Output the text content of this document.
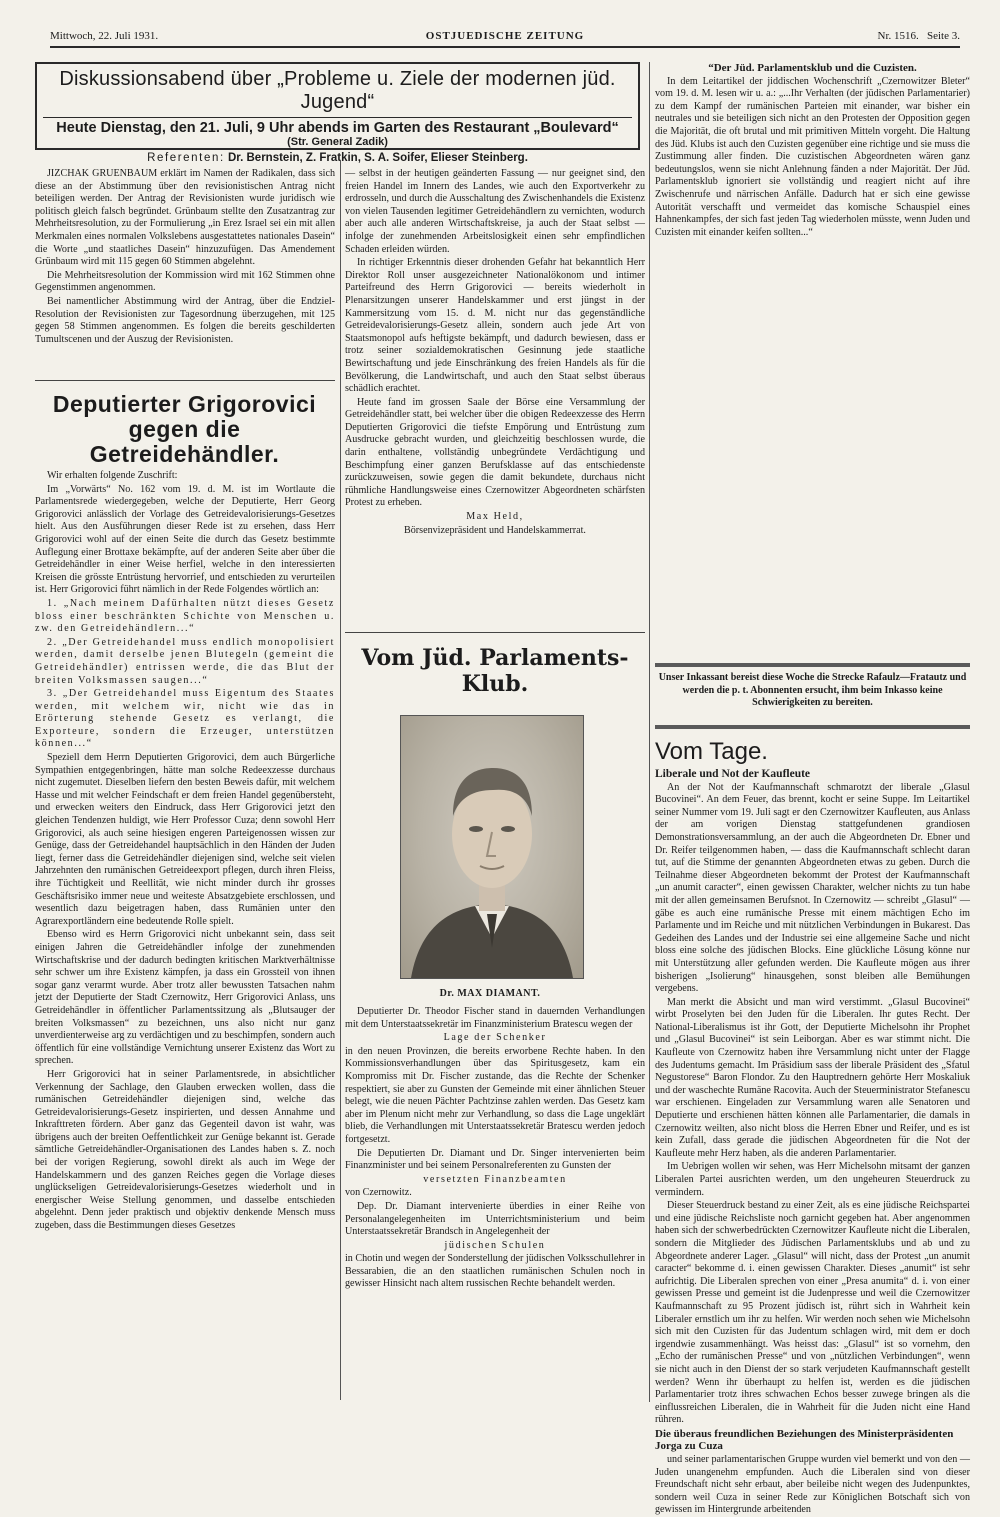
Mittwoch, 22. Juli 1931.	OSTJUEDISCHE ZEITUNG	Nr. 1516. Seite 3.
Diskussionsabend über „Probleme u. Ziele der modernen jüd. Jugend“
Heute Dienstag, den 21. Juli, 9 Uhr abends im Garten des Restaurant „Boulevard“
(Str. General Zadik)
Referenten: Dr. Bernstein, Z. Fratkin, S. A. Soifer, Elieser Steinberg.

JIZCHAK GRUENBAUM erklärt im Namen der Radikalen, dass sich diese an der Abstimmung über den revisionistischen Antrag nicht beteiligen werden. Der Antrag der Revisionisten wurde juridisch wie politisch gleich falsch begründet. Grünbaum stellte den Zusatzantrag zur Mehrheitsresolution, zu der Formulierung „in Erez Israel sei ein mit allen Merkmalen eines normalen Volkslebens ausgestattetes nationales Dasein“ die Worte „und staatliches Dasein“ hinzuzufügen. Das Amendement Grünbaum wird mit 115 gegen 60 Stimmen abgelehnt.

Die Mehrheitsresolution der Kommission wird mit 162 Stimmen ohne Gegenstimmen angenommen.

Bei namentlicher Abstimmung wird der Antrag, über die Endziel-Resolution der Revisionisten zur Tagesordnung überzugehen, mit 125 gegen 58 Stimmen angenommen. Es folgen die bereits geschilderten Tumultscenen und der Auszug der Revisionisten.

Deputierter Grigorovici gegen die Getreidehändler.

Wir erhalten folgende Zuschrift:

Im „Vorwärts“ No. 162 vom 19. d. M. ist im Wortlaute die Parlamentsrede wiedergegeben, welche der Deputierte, Herr Georg Grigorovici anlässlich der Vorlage des Getreidevalorisierungs-Gesetzes hielt. Aus den Ausführungen dieser Rede ist zu ersehen, dass Herr Grigorovici wohl auf der einen Seite die durch das Gesetz bestimmte Auflegung einer Brottaxe bekämpfte, auf der anderen Seite aber über die Getreidehändler in einer Weise herfiel, welche in den interessierten Kreisen die grösste Entrüstung hervorrief, und entschieden zu verurteilen ist. Herr Grigorovici führt nämlich in der Rede Folgendes wörtlich an:

1. „Nach meinem Dafürhalten nützt dieses Gesetz bloss einer beschränkten Schichte von Menschen u. zw. den Getreidehändlern...“

2. „Der Getreidehandel muss endlich monopolisiert werden, damit derselbe jenen Blutegeln (gemeint die Getreidehändler) entrissen werde, die das Blut der breiten Volksmassen saugen...“

3. „Der Getreidehandel muss Eigentum des Staates werden, mit welchem wir, nicht wie das in Erörterung stehende Gesetz es verlangt, die Exporteure, sondern die Erzeuger, unterstützen können...“

Speziell dem Herrn Deputierten Grigorovici, dem auch Bürgerliche Sympathien entgegenbringen, hätte man solche Redeexzesse durchaus nicht zugemutet. Dieselben liefern den besten Beweis dafür, mit welchem Hasse und mit welcher Feindschaft er dem freien Handel gegenübersteht, und erwecken weiters den Eindruck, dass Herr Grigorovici jetzt den gleichen Tendenzen huldigt, wie Herr Professor Cuza; denn sowohl Herr Grigorovici, als auch seine hiesigen engeren Parteigenossen wissen zur Genüge, dass der Getreidehandel hauptsächlich in den Händen der Juden liegt, ferner dass die Getreidehändler diejenigen sind, welche seit vielen Jahrzehnten den rumänischen Getreideexport pflegen, durch ihren Fleiss, ihre Tüchtigkeit und Reellität, wie nicht minder durch ihr grosses Geschäftsrisiko immer neue und weiteste Absatzgebiete erschlossen, und wesentlich dazu beigetragen haben, dass Rumänien unter den Agrarexportländern eine bedeutende Rolle spielt.

Ebenso wird es Herrn Grigorovici nicht unbekannt sein, dass seit einigen Jahren die Getreidehändler infolge der zunehmenden Wirtschaftskrise und der dadurch bedingten kritischen Marktverhältnisse sehr schwer um ihre Existenz kämpfen, ja dass ein Grossteil von ihnen sogar ganz verarmt wurde. Aber trotz aller bewussten Tatsachen nahm jetzt der Deputierte der Stadt Czernowitz, Herr Grigorovici Anlass, uns Getreidehändler in öffentlicher Parlamentssitzung als „Blutsauger der breiten Volksmassen“ zu bezeichnen, uns also nicht nur ganz unverdienterweise arg zu verdächtigen und zu beschimpfen, sondern auch öffentlich für eine vollständige Vernichtung unserer Existenz das Wort zu sprechen.

Herr Grigorovici hat in seiner Parlamentsrede, in absichtlicher Verkennung der Sachlage, den Glauben erwecken wollen, dass die rumänischen Getreidehändler diejenigen sind, welche das Getreidevalorisierungs-Gesetz inspirierten, und dessen Annahme und Inkrafttreten fördern. Aber ganz das Gegenteil davon ist wahr, was übrigens auch der breiten Oeffentlichkeit zur Genüge bekannt ist. Gerade sämtliche Getreidehändler-Organisationen des Landes haben s. Z. noch bei der vorigen Regierung, sowohl direkt als auch im Wege der Handelskammern und des ganzen Reiches gegen die Vorlage dieses unglückseligen Getreidevalorisierungs-Gesetzes wiederholt und in energischer Weise Stellung genommen, und dasselbe entschieden abgelehnt. Denn jeder praktisch und objektiv denkende Mensch muss zugeben, dass die Bestimmungen dieses Gesetzes

— selbst in der heutigen geänderten Fassung — nur geeignet sind, den freien Handel im Innern des Landes, wie auch den Exportverkehr zu erdrosseln, und durch die Ausschaltung des Zwischenhandels die Existenz von vielen Tausenden legitimer Getreidehändlern zu vernichten, wodurch aber auch alle anderen Wirtschaftskreise, ja auch der Staat selbst — infolge der zunehmenden Arbeitslosigkeit einen sehr empfindlichen Schaden erleiden würden.

In richtiger Erkenntnis dieser drohenden Gefahr hat bekanntlich Herr Direktor Roll unser ausgezeichneter Nationalökonom und intimer Parteifreund des Herrn Grigorovici — bereits wiederholt in Plenarsitzungen unserer Handelskammer und erst jüngst in der Kammersitzung vom 15. d. M. nicht nur das gegenständliche Getreidevalorisierungs-Gesetz allein, sondern auch jede Art von Staatsmonopol aufs heftigste bekämpft, und dadurch bewiesen, dass er trotz seiner sozialdemokratischen Gesinnung jede staatliche Bewirtschaftung und jede Einschränkung des freien Handels als für die Bevölkerung, die Landwirtschaft, und auch den Staat selbst überaus schädlich erachtet.

Heute fand im grossen Saale der Börse eine Versammlung der Getreidehändler statt, bei welcher über die obigen Redeexzesse des Herrn Deputierten Grigorovici die tiefste Empörung und Entrüstung zum Ausdrucke gebracht wurden, und gleichzeitig beschlossen wurde, die darin enthaltene, vollständig unbegründete Verdächtigung und Beschimpfung einer ganzen Berufsklasse auf das entschiedenste zurückzuweisen, sowie gegen die damit bekundete, durchaus nicht rühmliche Handlungsweise eines Czernowitzer Abgeordneten schärfsten Protest zu erheben.

Max Held,

Börsenvizepräsident und Handelskammerrat.

Vom Jüd. Parlaments-Klub.
Dr. MAX DIAMANT.

Deputierter Dr. Theodor Fischer stand in dauernden Verhandlungen mit dem Unterstaatssekretär im Finanzministerium Bratescu wegen der

Lage der Schenker

in den neuen Provinzen, die bereits erworbene Rechte haben. In den Kommissionsverhandlungen über das Spiritusgesetz, kam ein Kompromiss mit Dr. Fischer zustande, das die Rechte der Schenker respektiert, sie aber zu Gunsten der Gemeinde mit einer ähnlichen Steuer belegt, wie die neuen Pächter Pachtzinse zahlen werden. Das Gesetz kam aber im Plenum nicht mehr zur Verhandlung, so dass die Lage ungeklärt blieb, die Verhandlungen mit Unterstaatssekretär Bratescu werden jedoch fortgesetzt.

Die Deputierten Dr. Diamant und Dr. Singer intervenierten beim Finanzminister und bei seinem Personalreferenten zu Gunsten der

versetzten Finanzbeamten

von Czernowitz.

Dep. Dr. Diamant intervenierte überdies in einer Reihe von Personalangelegenheiten im Unterrichtsministerium und beim Unterstaatssekretär Brandsch in Angelegenheit der

jüdischen Schulen

in Chotin und wegen der Sonderstellung der jüdischen Volksschullehrer in Bessarabien, die an den staatlichen rumänischen Schulen noch in gewisser Hinsicht nach altem russischen Rechte behandelt werden.

“Der Jüd. Parlamentsklub und die Cuzisten.

In dem Leitartikel der jiddischen Wochenschrift „Czernowitzer Bleter“ vom 19. d. M. lesen wir u. a.: „...Ihr Verhalten (der jüdischen Parlamentarier) zu dem Kampf der rumänischen Parteien mit einander, war bisher ein neutrales und sie beteiligen sich nicht an den Protesten der Opposition gegen die Majorität, die oft brutal und mit primitiven Mitteln vorgeht. Die Haltung des Jüd. Klubs ist auch den Cuzisten gegenüber eine richtige und sie muss die Zustimmung aller finden. Die cuzistischen Abgeordneten wären ganz bedeutungslos, wenn sie nicht Anlehnung fänden a nder Majorität. Der Jüd. Parlamentsklub ignoriert sie vollständig und reagiert nicht auf ihre Zwischenrufe und närrischen Anfälle. Dadurch hat er sich eine gewisse Autorität verschafft und vermeidet das komische Schauspiel eines Hahnenkampfes, der sich fast jeden Tag wiederholen müsste, wenn Juden und Cuzisten mit einander keifen sollten...“

Unser Inkassant bereist diese Woche die Strecke Rafaulz—Fratautz und werden die p. t. Abonnenten ersucht, ihm beim Inkasso keine Schwierigkeiten zu bereiten.
Vom Tage.

Liberale und Not der Kaufleute

An der Not der Kaufmannschaft schmarotzt der liberale „Glasul Bucovinei“. An dem Feuer, das brennt, kocht er seine Suppe. Im Leitartikel seiner Nummer vom 19. Juli sagt er den Czernowitzer Kaufleuten, aus Anlass der am vorigen Dienstag stattgefundenen grandiosen Demonstrationsversammlung, an der auch die Abgeordneten Dr. Ebner und Dr. Reifer teilgenommen haben, — dass die Kaufmannschaft schlecht daran tut, auf die Stimme der genannten Abgeordneten etwas zu geben. Durch die Teilnahme dieser Abgeordneten bekommt der Protest der Kaufmannschaft „un anumit caracter“, einen gewissen Charakter, welcher nichts zu tun habe mit der allen gemeinsamen Berufsnot. In Czernowitz — schreibt „Glasul“ — gäbe es auch eine rumänische Presse mit einem mächtigen Echo im Parlamente und im Reiche und mit nützlichen Verbindungen in Bukarest. Das Gedeihen des Landes und der Industrie sei eine allgemeine Sache und nicht bloss eine solche des jüdischen Blocks. Eine glückliche Lösung könne nur mit Unterstützung aller gefunden werden. Die Kaufleute mögen aus ihrer bisherigen „Isolierung“ hinausgehen, sonst bleiben alle Bemühungen vergebens.

Man merkt die Absicht und man wird verstimmt. „Glasul Bucovinei“ wirbt Proselyten bei den Juden für die Liberalen. Ihr gutes Recht. Der National-Liberalismus ist ihr Gott, der Deputierte Michelsohn ihr Prophet und „Glasul Bucovinei“ ist sein Leiborgan. Aber es war stimmt nicht. Die Kaufleute von Czernowitz haben ihre Versammlung nicht unter der Flagge des Judentums gemacht. Im Präsidium sass der liberale Präsident des „Sfatul Negustorese“ Baron Flondor. Zu den Hauptrednern gehörte Herr Moskaliuk und der waschechte Rumäne Racovita. Auch der Steuerministrator Stefanescu war erschienen. Eingeladen zur Versammlung waren alle Senatoren und Deputierte und erschienen hätten können alle Parlamentarier, die damals in Czernowitz weilten, also nicht bloss die Herren Ebner und Reifer, und es ist kein Zufall, dass gerade die jüdischen Abgeordneten für die Not der Kaufleute mehr Herz haben, als die anderen Parlamentarier.

Im Uebrigen wollen wir sehen, was Herr Michelsohn mitsamt der ganzen Liberalen Partei ausrichten werden, um den ungeheuren Steuerdruck zu vermindern.

Dieser Steuerdruck bestand zu einer Zeit, als es eine jüdische Reichspartei und eine jüdische Reichsliste noch garnicht gegeben hat. Aber angenommen haben sich der schwerbedrückten Czernowitzer Kaufleute nicht die Liberalen, sondern die Mitglieder des Jüdischen Parlamentsklubs und ab und zu Abgeordnete anderer Lager. „Glasul“ will nicht, dass der Protest „un anumit caracter“ bekomme d. i. einen gewissen Charakter. Dieses „anumit“ ist sehr aufrichtig. Die Liberalen sprechen von einer „Presa anumita“ d. i. von einer gewissen Presse und gemeint ist die Judenpresse und weil die Czernowitzer Kaufmannschaft zu 95 Prozent jüdisch ist, rührt sich in Wahrheit kein Liberaler ernstlich um ihr zu helfen. Wir werden noch sehen wie Michelsohn sich mit den Cuzisten für das Judentum schlagen wird, mit dem er doch irgendwie zusammenhängt. Was heisst das: „Glasul“ ist so vornehm, den „Echo der rumänischen Presse“ und von „nützlichen Verbindungen“, wenn sie nicht auch in den Dienst der so stark verjudeten Kaufmannschaft gestellt werden? Wenn ihr überhaupt zu helfen ist, werden es die jüdischen Parlamentarier trotz ihres schwachen Echos besser zuwege bringen als die einflussreichen Liberalen, die in Wahrheit für die Juden nicht eine Hand rühren.

Die überaus freundlichen Beziehungen des Ministerpräsidenten Jorga zu Cuza

und seiner parlamentarischen Gruppe wurden viel bemerkt und von den — Juden unangenehm empfunden. Auch die Liberalen sind von dieser Freundschaft nicht sehr erbaut, aber beileibe nicht wegen des Judenpunktes, sondern weil Cuza in seiner Rede zur Königlichen Botschaft sich von gewissen im Hintergrunde arbeitenden
